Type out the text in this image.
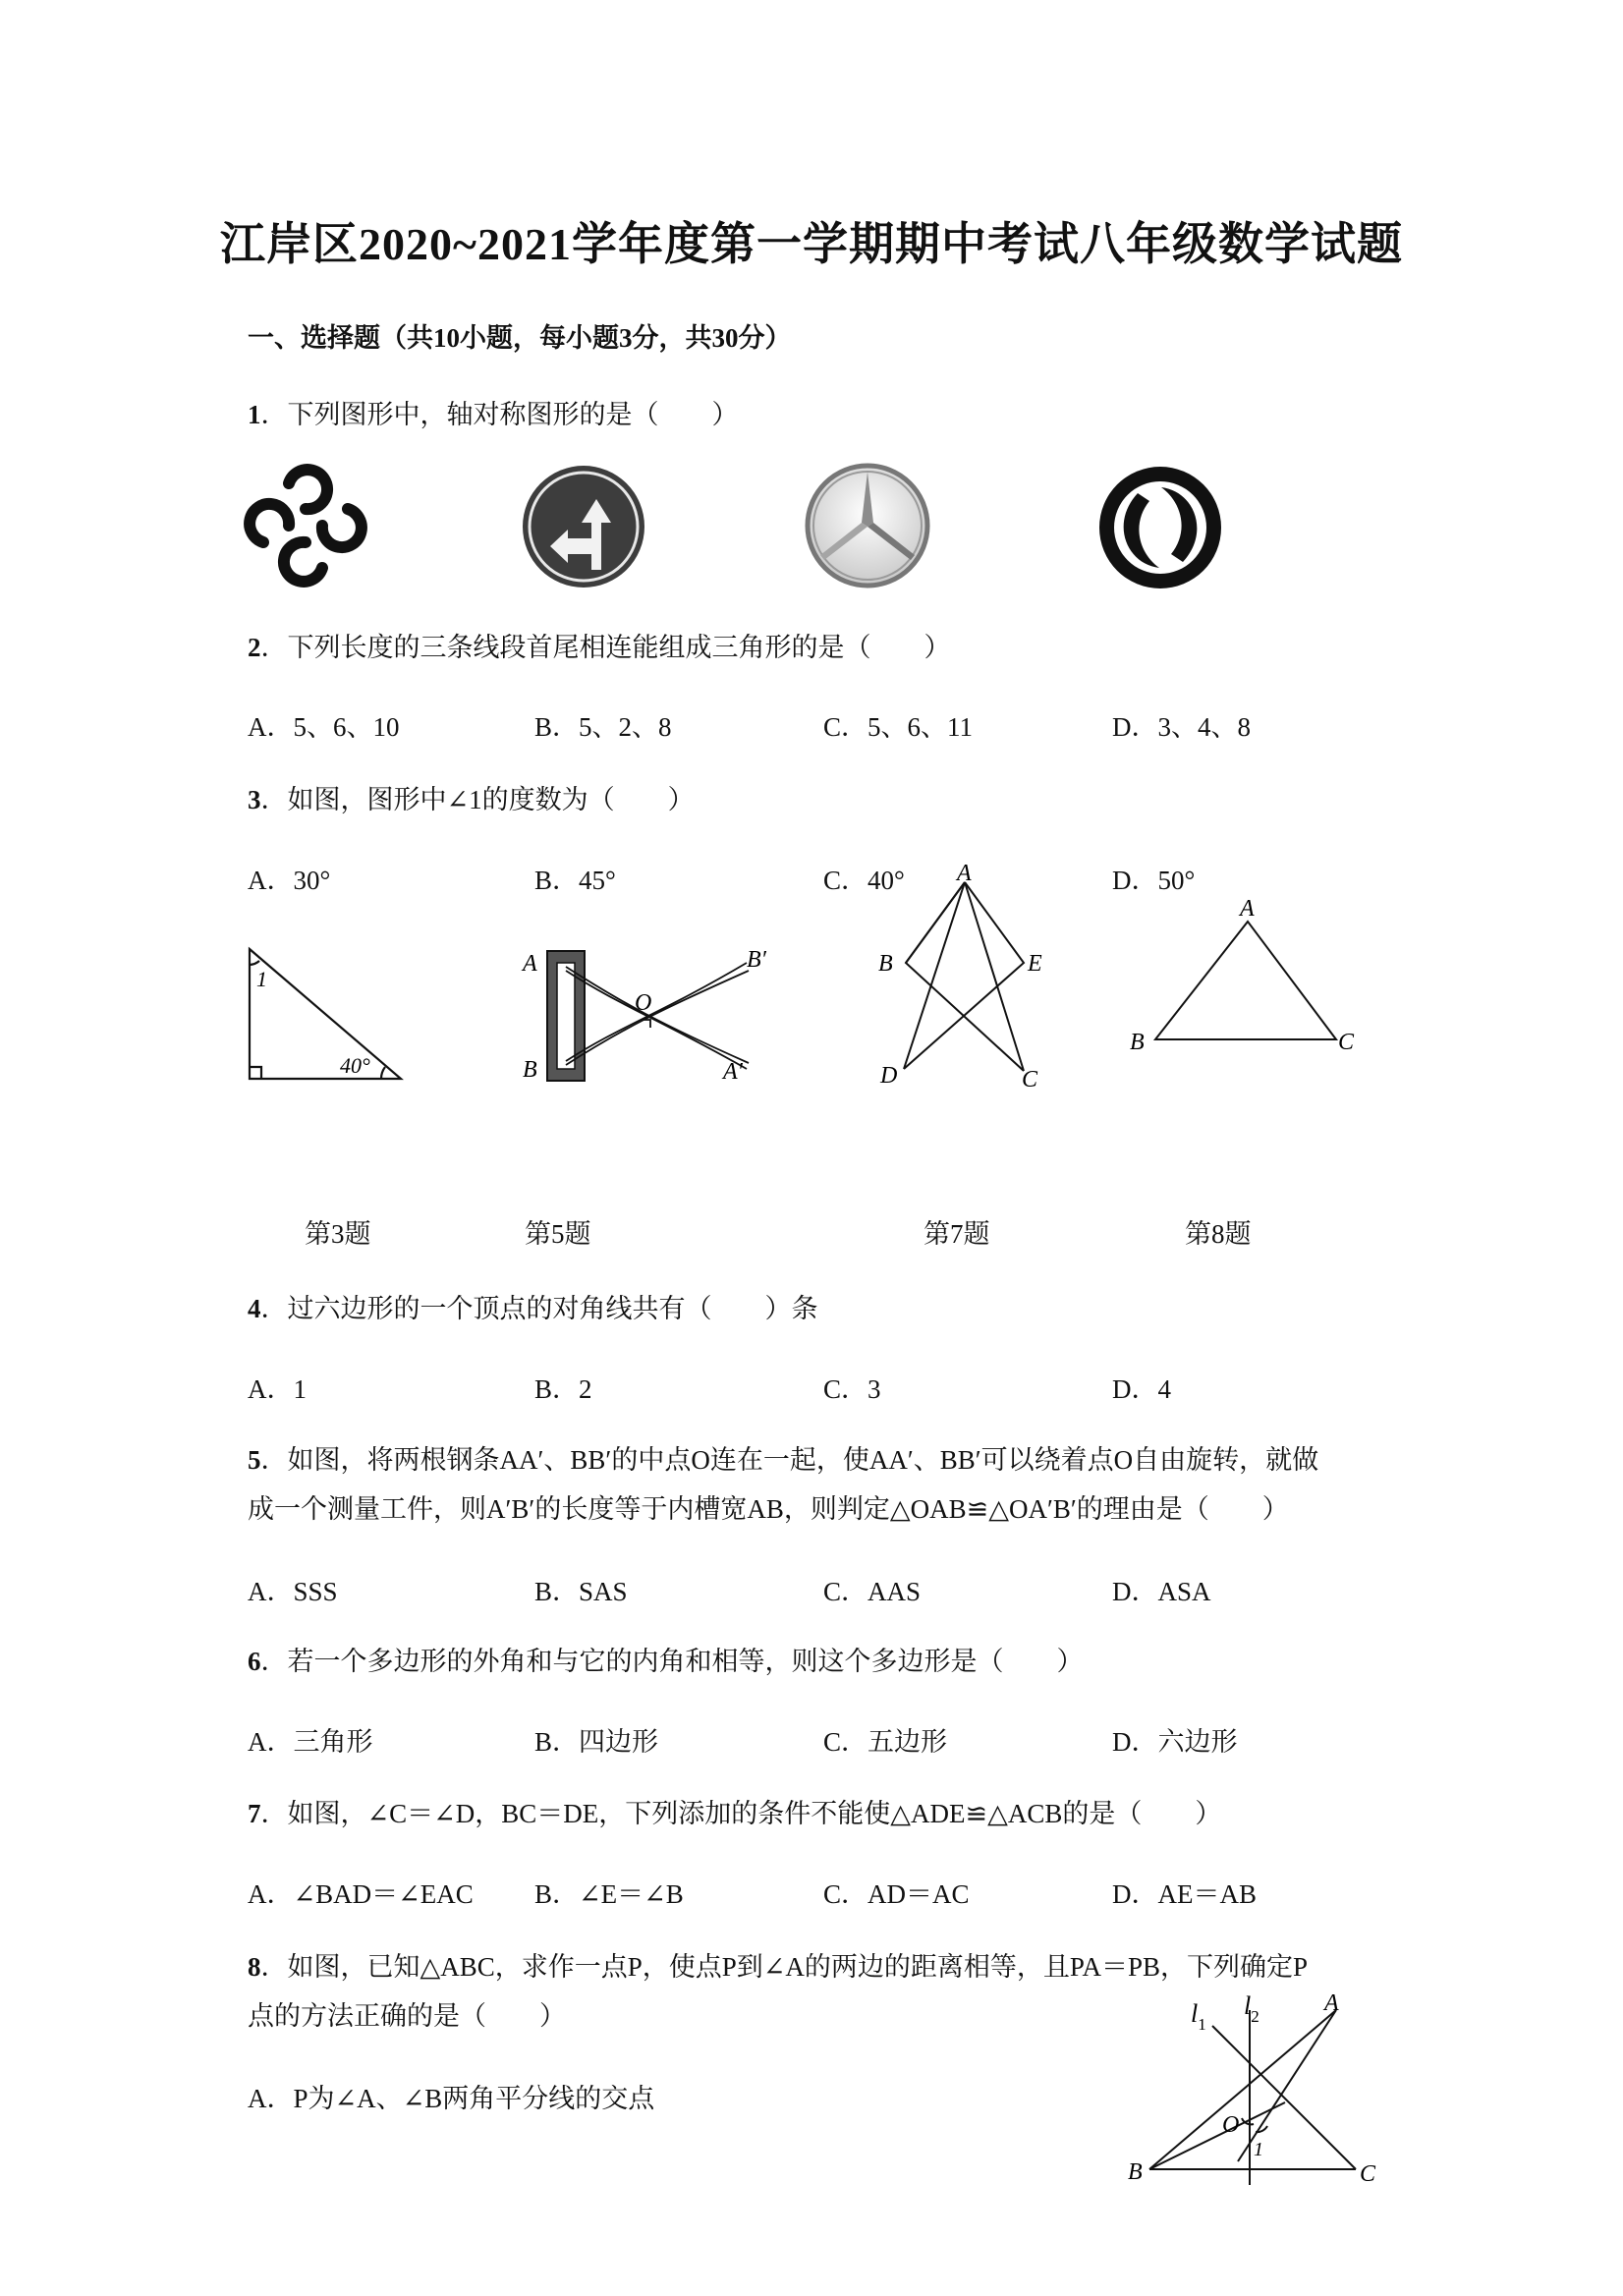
江岸区2020~2021学年度第一学期期中考试八年级数学试题
一、选择题（共10小题，每小题3分，共30分）
1．下列图形中，轴对称图形的是（　　）
2．下列长度的三条线段首尾相连能组成三角形的是（　　）
A．5、6、10	B．5、2、8	C．5、6、11	D．3、4、8
3．如图，图形中∠1的度数为（　　）
A．30°	B．45°	C．40°	D．50°
1
40°
A
B
O
B′
A′
A
B	E
D	C
A
B	C
第3题	第5题	第7题	第8题
4．过六边形的一个顶点的对角线共有（　　）条
A．1	B．2	C．3	D．4
5．如图，将两根钢条AA′、BB′的中点O连在一起，使AA′、BB′可以绕着点O自由旋转，就做
成一个测量工件，则A′B′的长度等于内槽宽AB，则判定△OAB≌△OA′B′的理由是（　　）
A．SSS	B．SAS	C．AAS	D．ASA
6．若一个多边形的外角和与它的内角和相等，则这个多边形是（　　）
A．三角形	B．四边形	C．五边形	D．六边形
7．如图，∠C＝∠D，BC＝DE，下列添加的条件不能使△ADE≌△ACB的是（　　）
A．∠BAD＝∠EAC B．∠E＝∠B	C．AD＝AC	D．AE＝AB
8．如图，已知△ABC，求作一点P，使点P到∠A的两边的距离相等，且PA＝PB，下列确定P
点的方法正确的是（　　）
A．P为∠A、∠B两角平分线的交点
$l_1$
$l_2$
A
O
1
B	C
